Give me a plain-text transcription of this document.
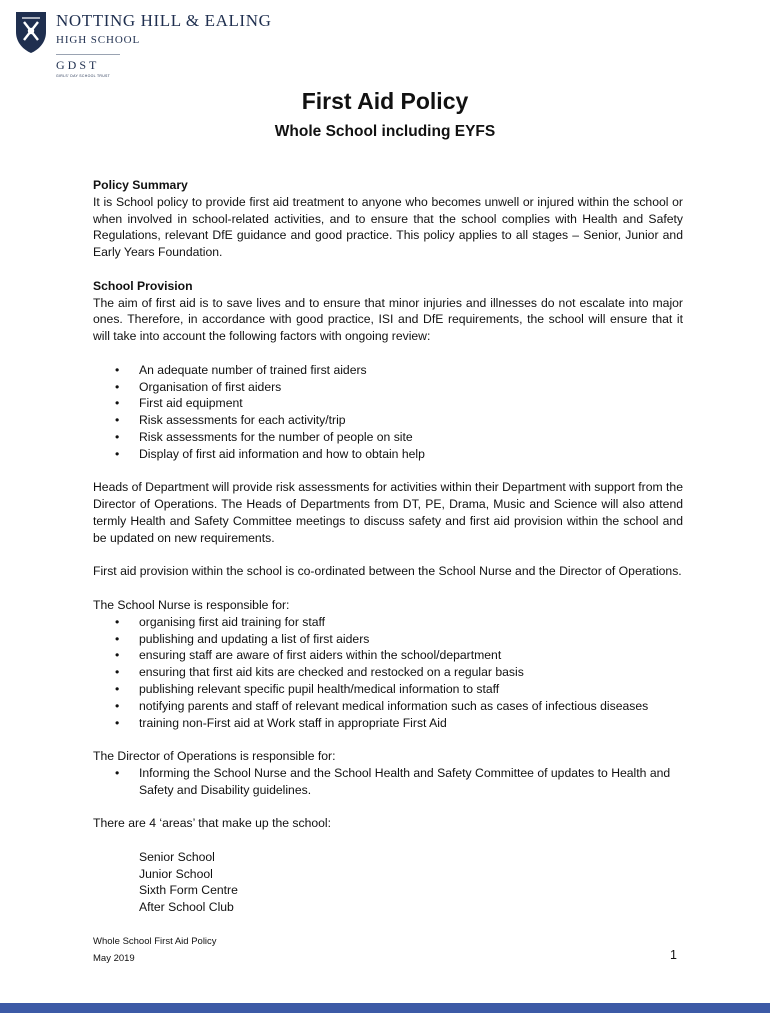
NOTTING HILL & EALING

HIGH SCHOOL

GDST

GIRLS' DAY SCHOOL TRUST

First Aid Policy
Whole School including EYFS

Policy Summary

It is School policy to provide first aid treatment to anyone who becomes unwell or injured within the school or when involved in school-related activities, and to ensure that the school complies with Health and Safety Regulations, relevant DfE guidance and good practice. This policy applies to all stages – Senior, Junior and Early Years Foundation.

School Provision

The aim of first aid is to save lives and to ensure that minor injuries and illnesses do not escalate into major ones. Therefore, in accordance with good practice, ISI and DfE requirements, the school will ensure that it will take into account the following factors with ongoing review:

• An adequate number of trained first aiders
• Organisation of first aiders
• First aid equipment
• Risk assessments for each activity/trip
• Risk assessments for the number of people on site
• Display of first aid information and how to obtain help

Heads of Department will provide risk assessments for activities within their Department with support from the Director of Operations. The Heads of Departments from DT, PE, Drama, Music and Science will also attend termly Health and Safety Committee meetings to discuss safety and first aid provision within the school and be updated on new requirements.

First aid provision within the school is co-ordinated between the School Nurse and the Director of Operations.

The School Nurse is responsible for:

• organising first aid training for staff
• publishing and updating a list of first aiders
• ensuring staff are aware of first aiders within the school/department
• ensuring that first aid kits are checked and restocked on a regular basis
• publishing relevant specific pupil health/medical information to staff
• notifying parents and staff of relevant medical information such as cases of infectious diseases
• training non-First aid at Work staff in appropriate First Aid

The Director of Operations is responsible for:

• Informing the School Nurse and the School Health and Safety Committee of updates to Health and Safety and Disability guidelines.

There are 4 ‘areas’ that make up the school:

Senior School

Junior School

Sixth Form Centre

After School Club

Whole School First Aid Policy

May 2019	1
